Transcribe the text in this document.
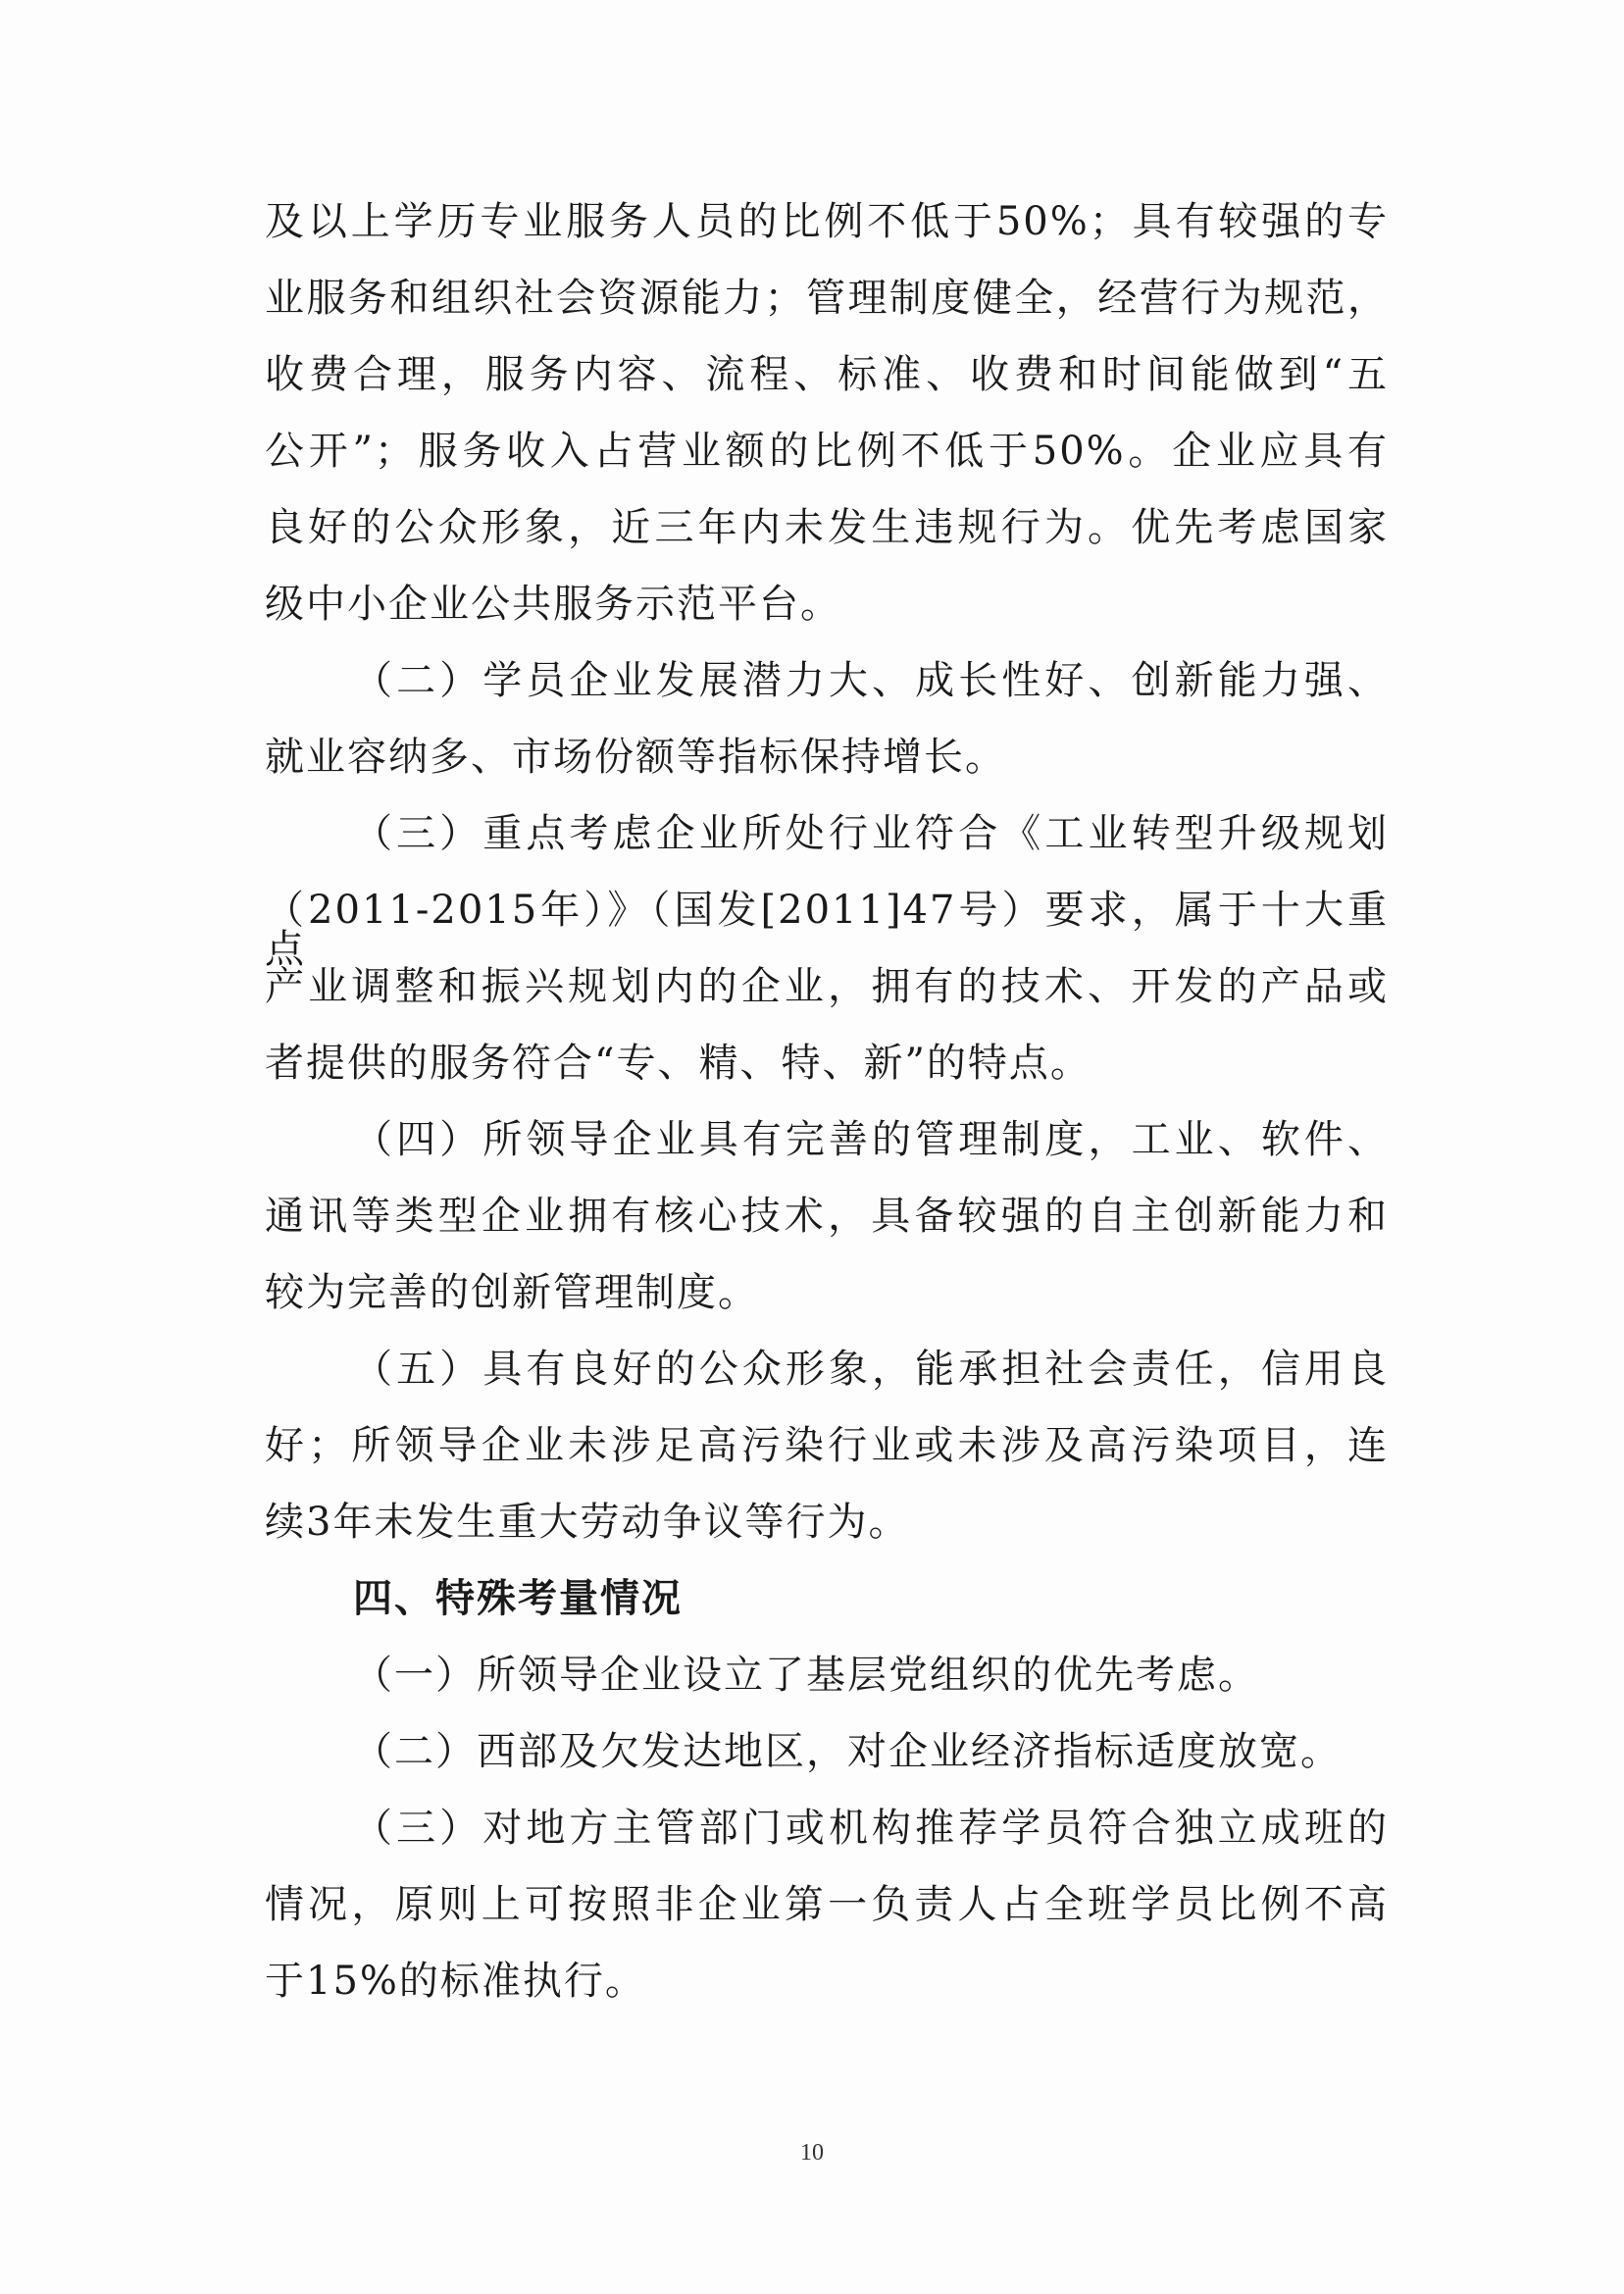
及以上学历专业服务人员的比例不低于50%；具有较强的专
业服务和组织社会资源能力；管理制度健全，经营行为规范，
收费合理，服务内容、流程、标准、收费和时间能做到“五
公开”；服务收入占营业额的比例不低于50%。企业应具有
良好的公众形象，近三年内未发生违规行为。优先考虑国家
级中小企业公共服务示范平台。
（二）学员企业发展潜力大、成长性好、创新能力强、
就业容纳多、市场份额等指标保持增长。
（三）重点考虑企业所处行业符合《工业转型升级规划
（2011-2015年）》（国发[2011]47号）要求，属于十大重点
产业调整和振兴规划内的企业，拥有的技术、开发的产品或
者提供的服务符合“专、精、特、新”的特点。
（四）所领导企业具有完善的管理制度，工业、软件、
通讯等类型企业拥有核心技术，具备较强的自主创新能力和
较为完善的创新管理制度。
（五）具有良好的公众形象，能承担社会责任，信用良
好；所领导企业未涉足高污染行业或未涉及高污染项目，连
续3年未发生重大劳动争议等行为。
四、特殊考量情况
（一）所领导企业设立了基层党组织的优先考虑。
（二）西部及欠发达地区，对企业经济指标适度放宽。
（三）对地方主管部门或机构推荐学员符合独立成班的
情况，原则上可按照非企业第一负责人占全班学员比例不高
于15%的标准执行。
10
